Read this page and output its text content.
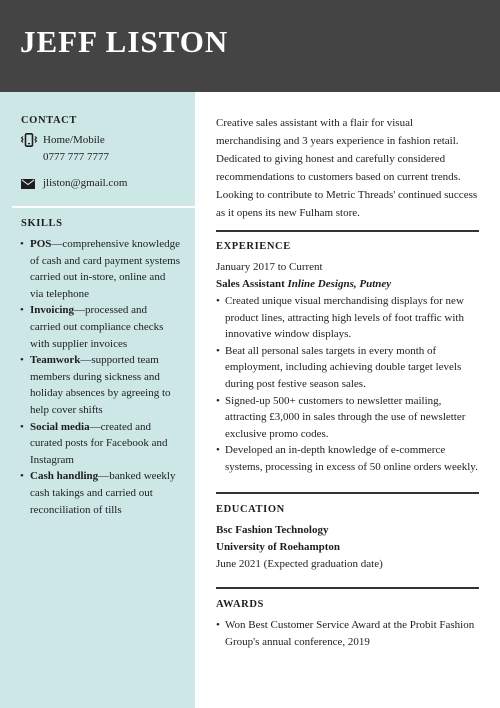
JEFF LISTON
CONTACT
Home/Mobile
0777 777 7777
jliston@gmail.com
SKILLS
• POS—comprehensive knowledge of cash and card payment systems carried out in-store, online and via telephone
• Invoicing—processed and carried out compliance checks with supplier invoices
• Teamwork—supported team members during sickness and holiday absences by agreeing to help cover shifts
• Social media—created and curated posts for Facebook and Instagram
• Cash handling—banked weekly cash takings and carried out reconciliation of tills

Creative sales assistant with a flair for visual merchandising and 3 years experience in fashion retail. Dedicated to giving honest and carefully considered recommendations to customers based on current trends. Looking to contribute to Metric Threads' continued success as it opens its new Fulham store.

EXPERIENCE
January 2017 to Current
Sales Assistant Inline Designs, Putney
• Created unique visual merchandising displays for new product lines, attracting high levels of foot traffic with innovative window displays.
• Beat all personal sales targets in every month of employment, including achieving double target levels during post festive season sales.
• Signed-up 500+ customers to newsletter mailing, attracting £3,000 in sales through the use of newsletter exclusive promo codes.
• Developed an in-depth knowledge of e-commerce systems, processing in excess of 50 online orders weekly.
EDUCATION
Bsc Fashion Technology
University of Roehampton
June 2021 (Expected graduation date)
AWARDS
• Won Best Customer Service Award at the Probit Fashion Group's annual conference, 2019
